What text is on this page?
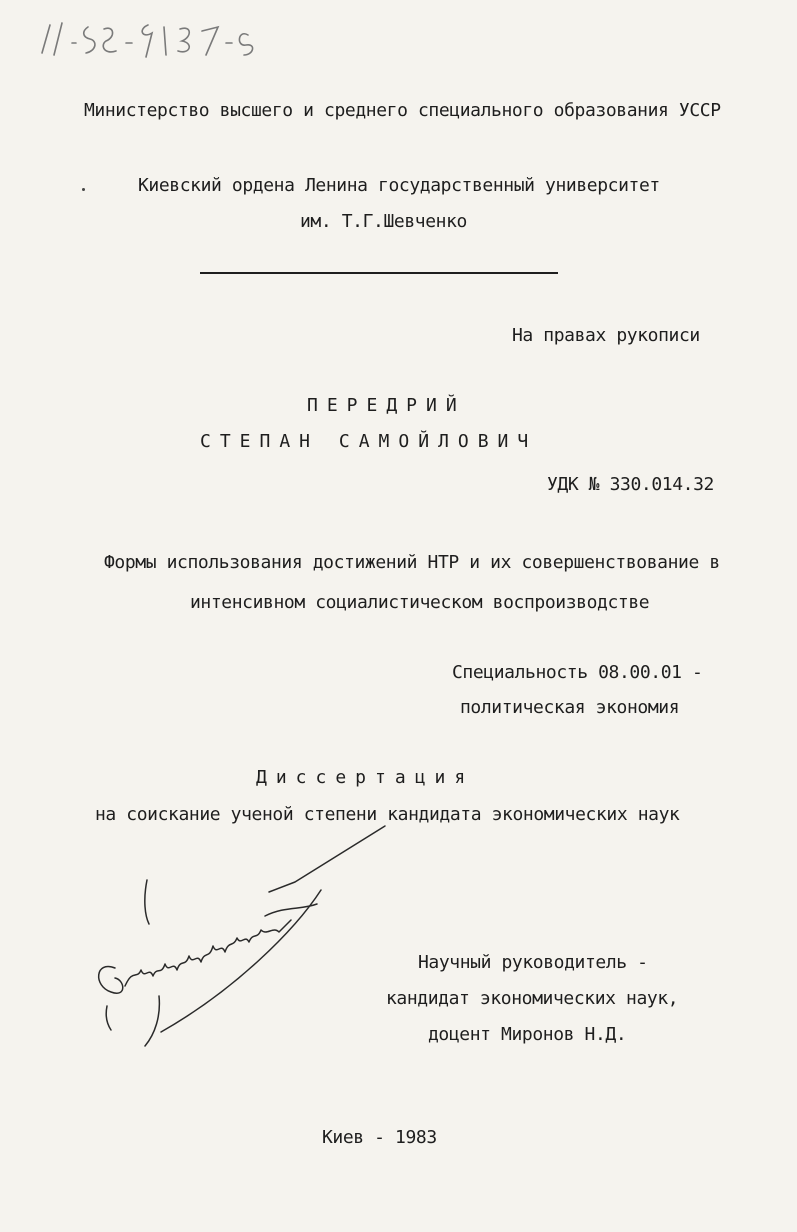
Министерство высшего и среднего специального образования УССР
Киевский ордена Ленина государственный университет
им. Т.Г.Шевченко
На правах рукописи
ПЕРЕДРИЙ
СТЕПАН САМОЙЛОВИЧ
УДК № 330.014.32
Формы использования достижений НТР и их совершенствование в
интенсивном социалистическом воспроизводстве
Специальность 08.00.01 -
политическая экономия
Диссертация
на соискание ученой степени кандидата экономических наук
Научный руководитель -
кандидат экономических наук,
доцент Миронов Н.Д.
Киев - 1983
